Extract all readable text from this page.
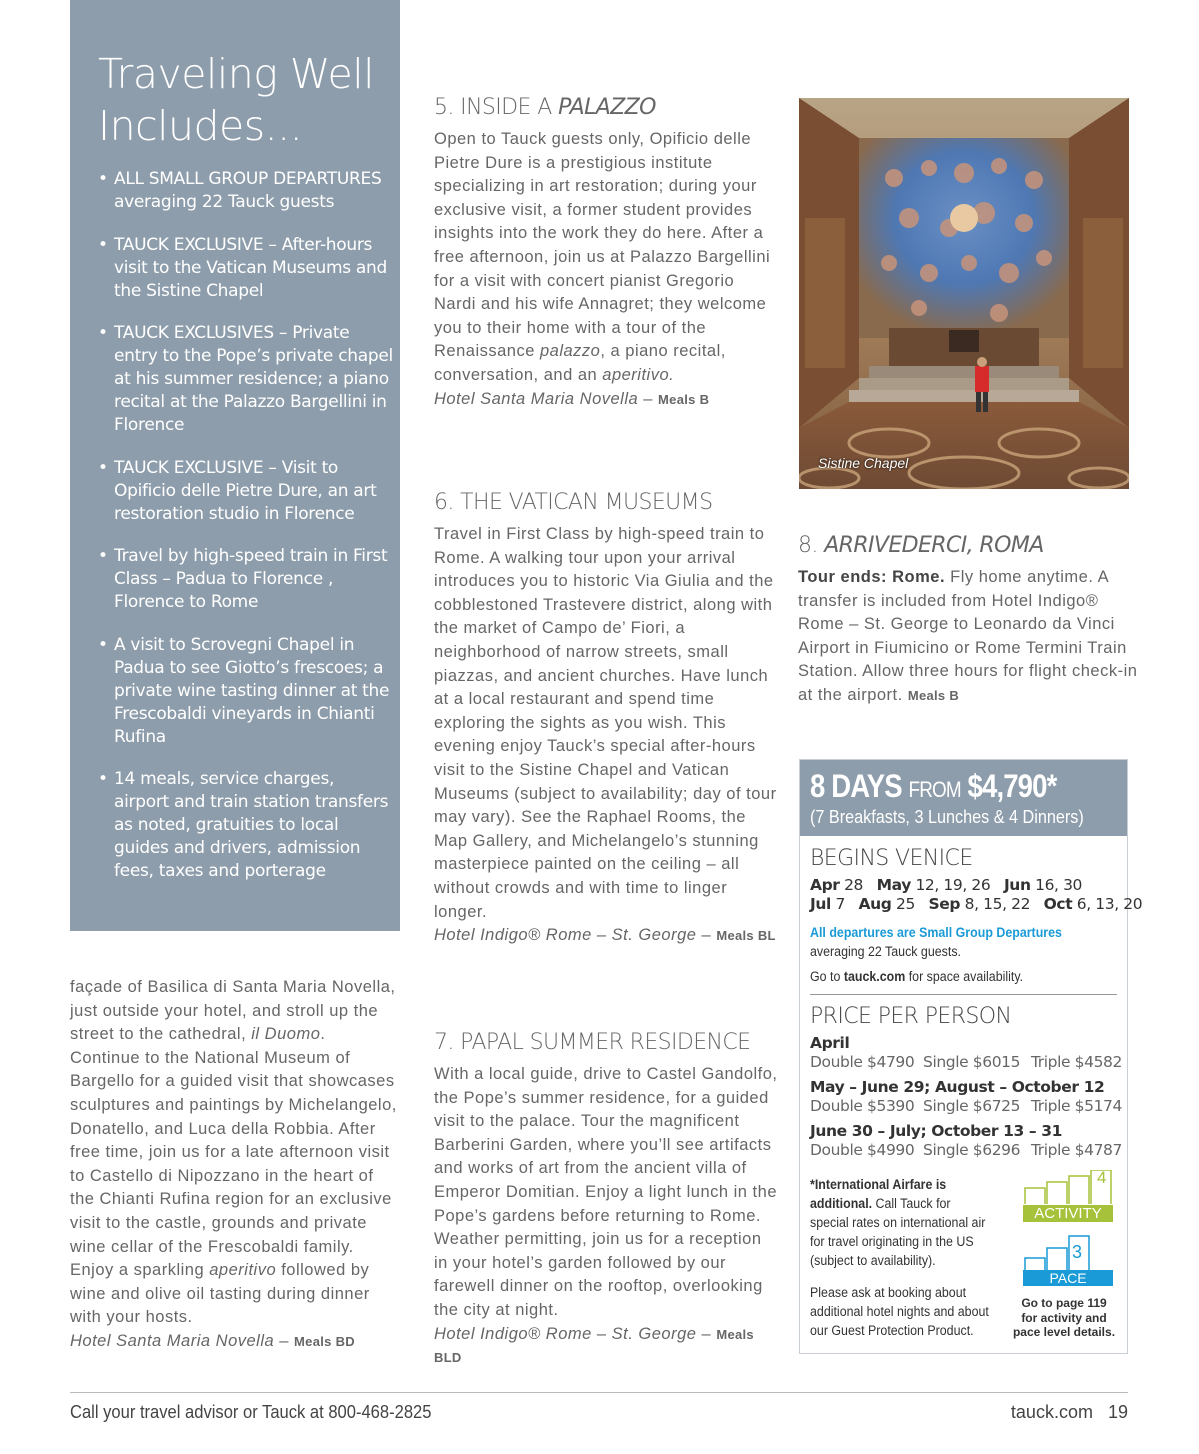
Traveling Well
Includes...
• ALL SMALL GROUP DEPARTURES averaging 22 Tauck guests
• TAUCK EXCLUSIVE – After-hours visit to the Vatican Museums and the Sistine Chapel
• TAUCK EXCLUSIVES – Private entry to the Pope’s private chapel at his summer residence; a piano recital at the Palazzo Bargellini in Florence
• TAUCK EXCLUSIVE – Visit to Opificio delle Pietre Dure, an art restoration studio in Florence
• Travel by high-speed train in First Class – Padua to Florence , Florence to Rome
• A visit to Scrovegni Chapel in Padua to see Giotto’s frescoes; a private wine tasting dinner at the Frescobaldi vineyards in Chianti Rufina
• 14 meals, service charges, airport and train station transfers as noted, gratuities to local guides and drivers, admission fees, taxes and porterage
façade of Basilica di Santa Maria Novella, just outside your hotel, and stroll up the street to the cathedral, il Duomo. Continue to the National Museum of Bargello for a guided visit that showcases sculptures and paintings by Michelangelo, Donatello, and Luca della Robbia. After free time, join us for a late afternoon visit to Castello di Nipozzano in the heart of the Chianti Rufina region for an exclusive visit to the castle, grounds and private wine cellar of the Frescobaldi family. Enjoy a sparkling aperitivo followed by wine and olive oil tasting during dinner with your hosts.
Hotel Santa Maria Novella – Meals BD
5. INSIDE A PALAZZO
Open to Tauck guests only, Opificio delle Pietre Dure is a prestigious institute specializing in art restoration; during your exclusive visit, a former student provides insights into the work they do here. After a free afternoon, join us at Palazzo Bargellini for a visit with concert pianist Gregorio Nardi and his wife Annagret; they welcome you to their home with a tour of the Renaissance palazzo, a piano recital, conversation, and an aperitivo.
Hotel Santa Maria Novella – Meals B
6. THE VATICAN MUSEUMS
Travel in First Class by high-speed train to Rome. A walking tour upon your arrival introduces you to historic Via Giulia and the cobblestoned Trastevere district, along with the market of Campo de’ Fiori, a neighborhood of narrow streets, small piazzas, and ancient churches. Have lunch at a local restaurant and spend time exploring the sights as you wish. This evening enjoy Tauck’s special after-hours visit to the Sistine Chapel and Vatican Museums (subject to availability; day of tour may vary). See the Raphael Rooms, the Map Gallery, and Michelangelo’s stunning masterpiece painted on the ceiling – all without crowds and with time to linger longer.
Hotel Indigo® Rome – St. George – Meals BL
7. PAPAL SUMMER RESIDENCE
With a local guide, drive to Castel Gandolfo, the Pope’s summer residence, for a guided visit to the palace. Tour the magnificent Barberini Garden, where you’ll see artifacts and works of art from the ancient villa of Emperor Domitian. Enjoy a light lunch in the Pope’s gardens before returning to Rome. Weather permitting, join us for a reception in your hotel’s garden followed by our farewell dinner on the rooftop, overlooking the city at night.
Hotel Indigo® Rome – St. George – Meals BLD
Sistine Chapel
8. ARRIVEDERCI, ROMA
Tour ends: Rome. Fly home anytime. A transfer is included from Hotel Indigo® Rome – St. George to Leonardo da Vinci Airport in Fiumicino or Rome Termini Train Station. Allow three hours for flight check-in at the airport. Meals B
8 DAYS FROM $4,790*
(7 Breakfasts, 3 Lunches & 4 Dinners)
BEGINS VENICE
Apr 28 May 12, 19, 26 Jun 16, 30
Jul 7 Aug 25 Sep 8, 15, 22 Oct 6, 13, 20
All departures are Small Group Departures
averaging 22 Tauck guests.
Go to tauck.com for space availability.
PRICE PER PERSON
April
Double $4790 Single $6015 Triple $4582
May – June 29; August – October 12
Double $5390 Single $6725 Triple $5174
June 30 – July; October 13 – 31
Double $4990 Single $6296 Triple $4787
*International Airfare is
additional. Call Tauck for
special rates on international air
for travel originating in the US
(subject to availability).
Please ask at booking about
additional hotel nights and about
our Guest Protection Product.
4
ACTIVITY
3
PACE
Go to page 119
for activity and
pace level details.
Call your travel advisor or Tauck at 800-468-2825	tauck.com 19
